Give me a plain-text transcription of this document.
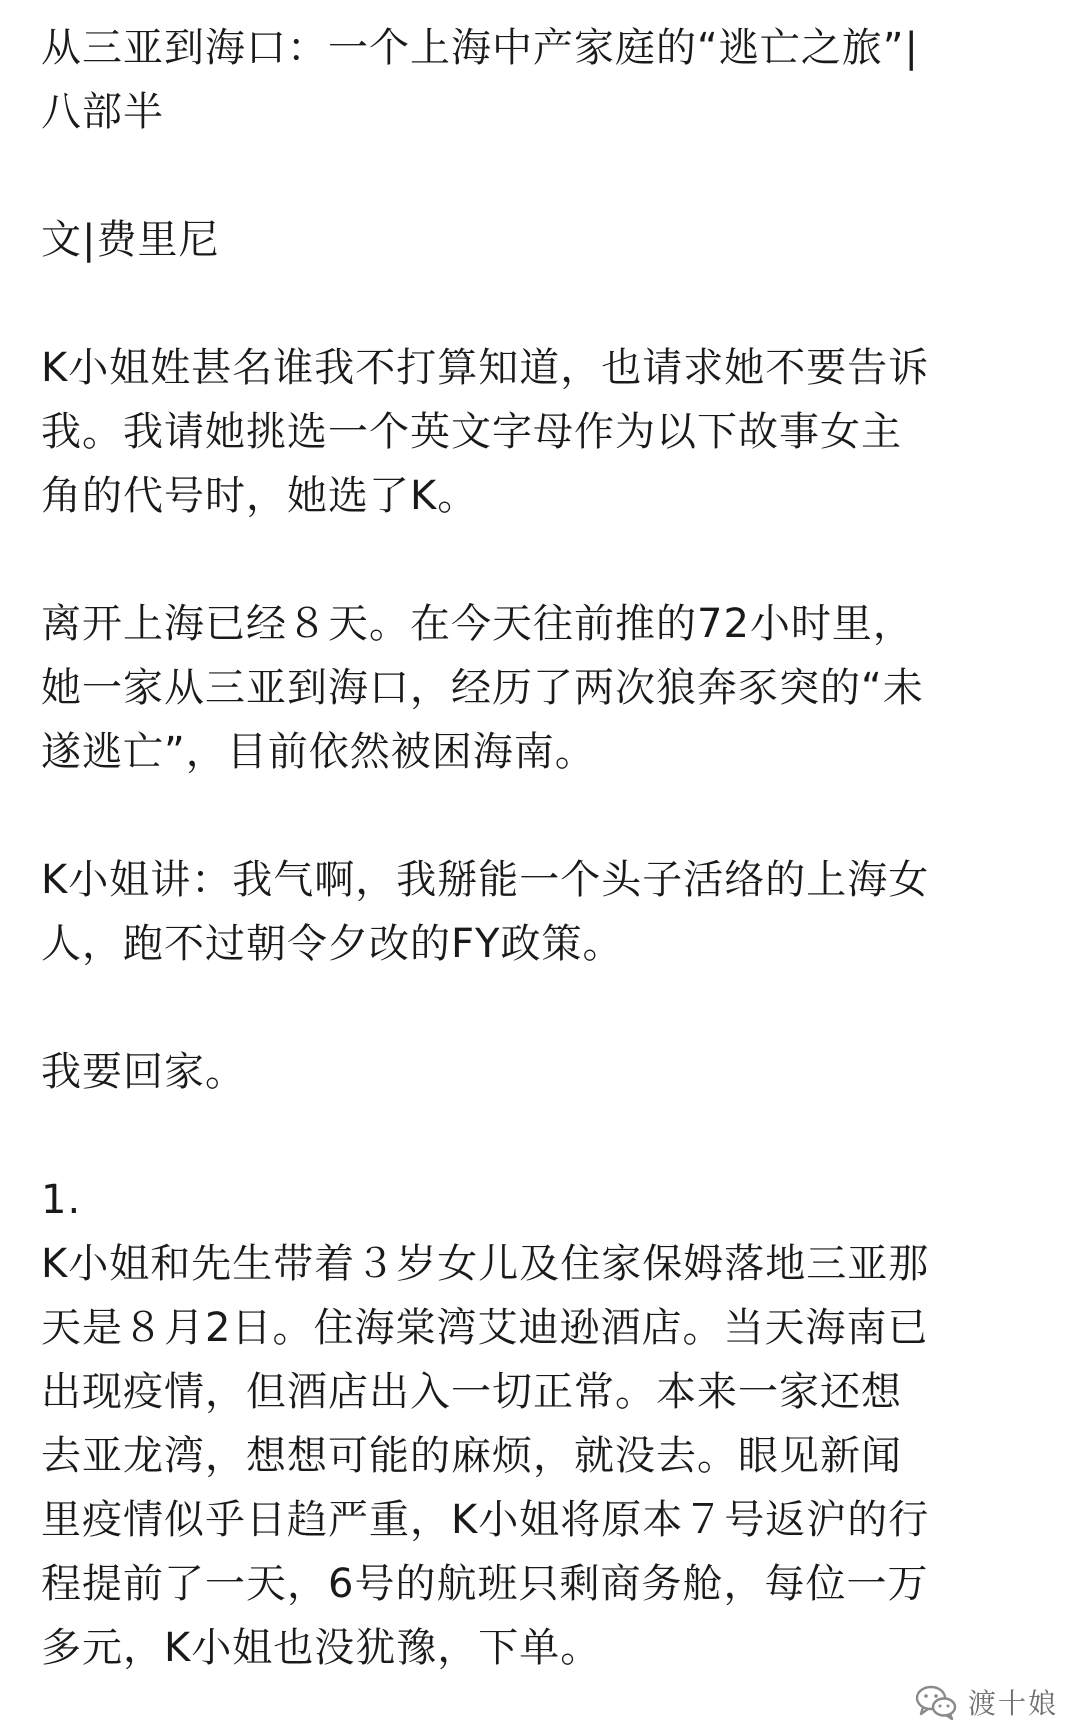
从三亚到海口：一个上海中产家庭的“逃亡之旅”| 八部半

文|费里尼

K小姐姓甚名谁我不打算知道，也请求她不要告诉我。我请她挑选一个英文字母作为以下故事女主角的代号时，她选了K。

离开上海已经８天。在今天往前推的72小时里，她一家从三亚到海口，经历了两次狼奔豕突的“未遂逃亡”，目前依然被困海南。

K小姐讲：我气啊，我掰能一个头子活络的上海女人，跑不过朝令夕改的FY政策。

我要回家。

1.

K小姐和先生带着３岁女儿及住家保姆落地三亚那天是８月2日。住海棠湾艾迪逊酒店。当天海南已出现疫情，但酒店出入一切正常。本来一家还想去亚龙湾，想想可能的麻烦，就没去。眼见新闻里疫情似乎日趋严重，K小姐将原本７号返沪的行程提前了一天，6号的航班只剩商务舱，每位一万多元，K小姐也没犹豫，下单。

渡十娘
